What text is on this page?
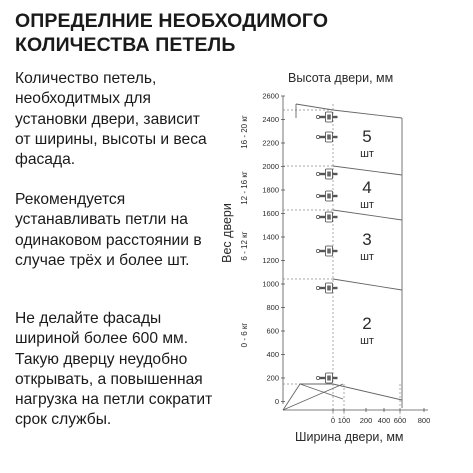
ОПРЕДЕЛНИЕ НЕОБХОДИМОГО
КОЛИЧЕСТВА ПЕТЕЛЬ

Количество петель,
необходитмых для
установки двери, зависит
от ширины, высоты и веса
фасада.

Рекомендуется
устанавливать петли на
одинаковом расстоянии в
случае трёх и более шт.

Не делайте фасады
шириной более 600 мм.
Такую дверцу неудобно
открывать, а повышенная
нагрузка на петли сократит
срок службы.

Высота двери, мм
Ширина двери, мм
Вес двери
2600
2400
2200
2000
1800
1600
1400
1200
1000
800
600
400
200
0
0 100 200 400 600 800
16 - 20 кг
12 - 16 кг
6 - 12 кг
0 - 6 кг
5
шт
4
шт
3
шт
2
шт
